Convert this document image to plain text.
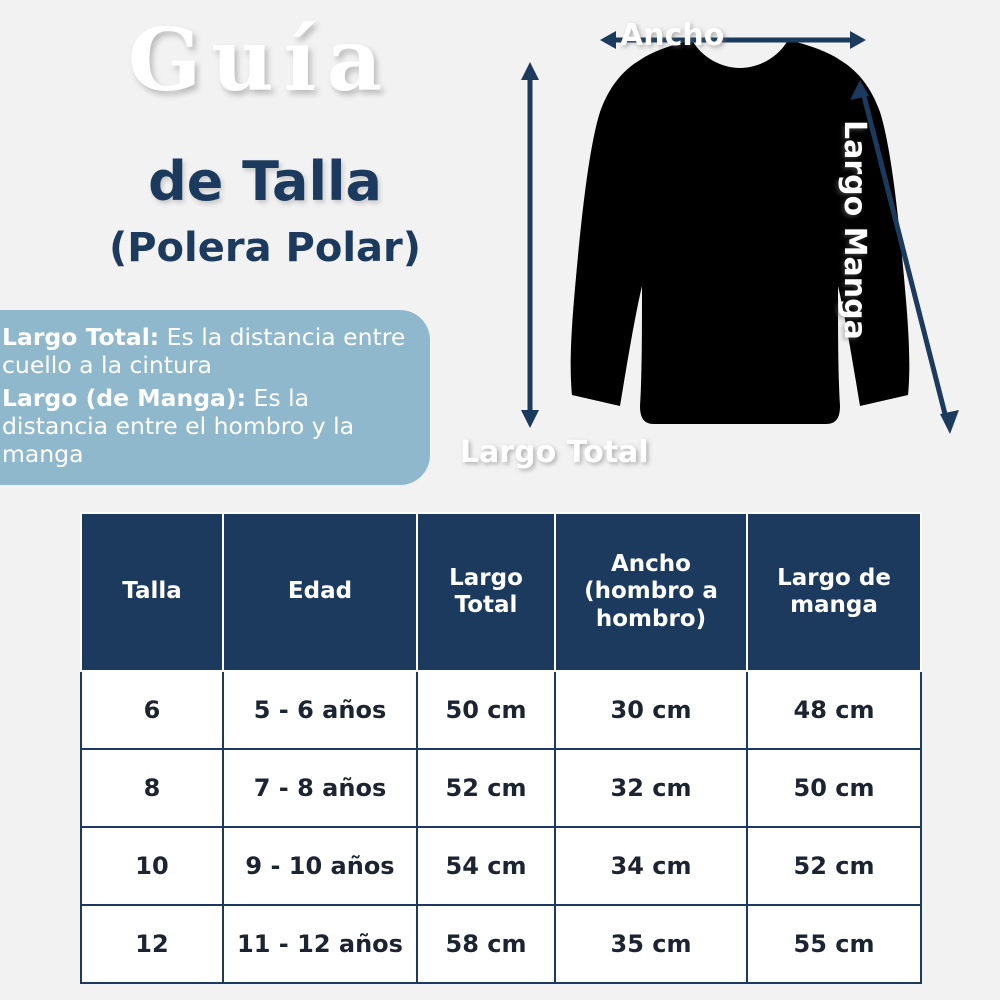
Guía
de Talla
(Polera Polar)

Largo Total: Es la distancia entre cuello a la cintura

Largo (de Manga): Es la distancia entre el hombro y la manga

Ancho
Largo Total
Largo Manga
Talla	Edad	Largo Total	Ancho (hombro a hombro)	Largo de manga
6	5 - 6 años	50 cm	30 cm	48 cm
8	7 - 8 años	52 cm	32 cm	50 cm
10	9 - 10 años	54 cm	34 cm	52 cm
12	11 - 12 años	58 cm	35 cm	55 cm
